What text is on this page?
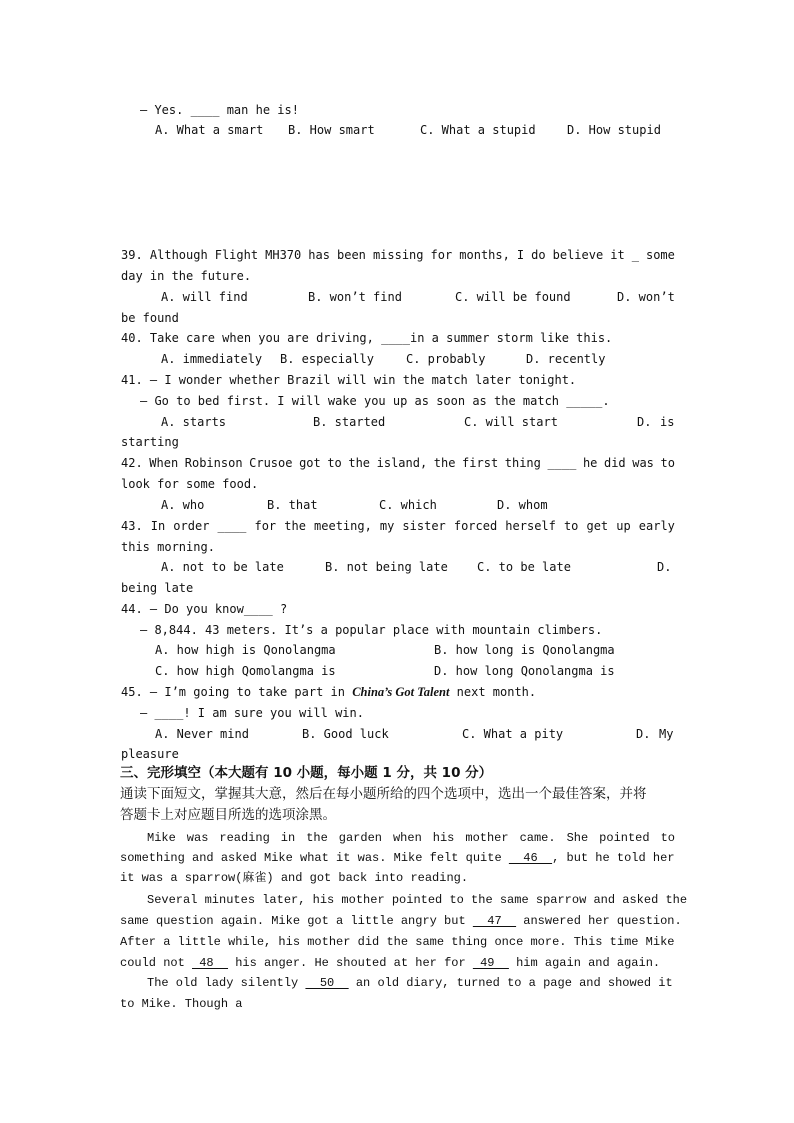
– Yes. ____ man he is!
A. What a smart B. How smart	C. What a stupid	D. How stupid
39. Although Flight MH370 has been missing for months, I do believe it _ some
day in the future.
A. will find	B. won’t find	C. will be found	D. won’t
be found
40. Take care when you are driving, ____in a summer storm like this.
A. immediately B. especially	C. probably	D. recently
41. – I wonder whether Brazil will win the match later tonight.
– Go to bed first. I will wake you up as soon as the match _____.
A. starts	B. started	C. will start	D. is
starting
42. When Robinson Crusoe got to the island, the first thing ____ he did was to
look for some food.
A. who	B. that	C. which	D. whom
43. In order ____ for the meeting, my sister forced herself to get up early
this morning.
A. not to be late	B. not being late C. to be late	D.
being late
44. – Do you know____ ?
– 8,844. 43 meters. It’s a popular place with mountain climbers.
A. how high is Qonolangma	B. how long is Qonolangma
C. how high Qomolangma is	D. how long Qonolangma is
45. – I’m going to take part in China’s Got Talent next month.
– ____! I am sure you will win.
A. Never mind	B. Good luck	C. What a pity	D. My
pleasure
三、完形填空（本大题有 10 小题，每小题 1 分，共 10 分）
通读下面短文，掌握其大意，然后在每小题所给的四个选项中，选出一个最佳答案，并将
答题卡上对应题目所选的选项涂黑。
Mike was reading in the garden when his mother came. She pointed to
something and asked Mike what it was. Mike felt quite   46  , but he told her
it was a sparrow(麻雀) and got back into reading.
Several minutes later, his mother pointed to the same sparrow and asked the
same question again. Mike got a little angry but   47   answered her question.
After a little while, his mother did the same thing once more. This time Mike
could not  48   his anger. He shouted at her for  49   him again and again.
The old lady silently   50   an old diary, turned to a page and showed it
to Mike. Though a
